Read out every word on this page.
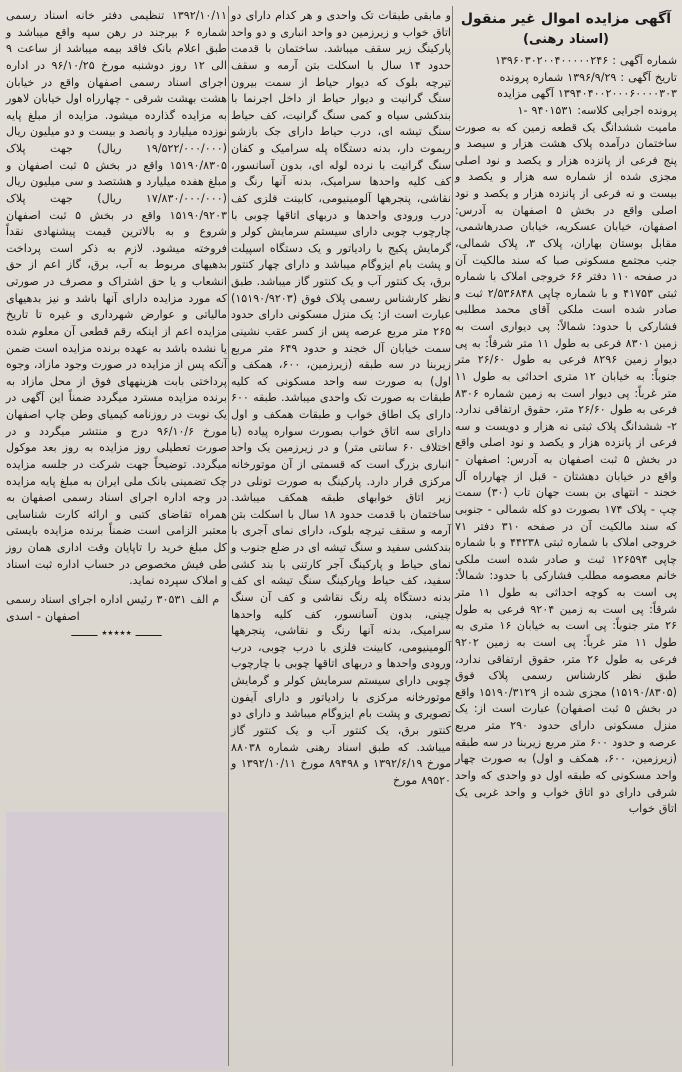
آگهی مزایده اموال غیر منقول
(اسناد رهنی)
شماره آگهی : ۱۳۹۶۰۳۰۲۰۰۴۰۰۰۰۰۲۴۶
تاریخ آگهی : ۱۳۹۶/۹/۲۹ شماره پرونده
۱۳۹۴۰۴۰۰۲۰۰۰۶۰۰۰۰۳۰۳ آگهی مزایده
پرونده اجرایی کلاسه: ۹۴۰۱۵۳۱ -۱

مامیت ششدانگ یک قطعه زمین که به صورت ساختمان درآمده پلاک هشت هزار و سیصد و پنج فرعی از پانزده هزار و یکصد و نود اصلی مجزی شده از شماره سه هزار و یکصد و بیست و نه فرعی از پانزده هزار و یکصد و نود اصلی واقع در بخش ۵ اصفهان به آدرس: اصفهان، خیابان عسکریه، خیابان صدرهاشمی، مقابل بوستان بهاران، پلاک ۳، پلاک شمالی، جنب مجتمع مسکونی صبا که سند مالکیت آن در صفحه ۱۱۰ دفتر ۶۶ خروجی املاک با شماره ثبتی ۴۱۷۵۳ و با شماره چاپی ۲/۵۳۶۸۴۸ ثبت و صادر شده است ملکی آقای محمد مطلبی فشارکی با حدود: شمالاً: پی دیواری است به زمین ۸۳۰۱ فرعی به طول ۱۱ متر شرقاً: به پی دیوار زمین ۸۲۹۶ فرعی به طول ۲۶/۶۰ متر جنوباً: به خیابان ۱۲ متری احداثی به طول ۱۱ متر غرباً: پی دیوار است به زمین شماره ۸۳۰۶ فرعی به طول ۲۶/۶۰ متر، حقوق ارتفاقی ندارد. ۲- ششدانگ پلاک ثبتی نه هزار و دویست و سه فرعی از پانزده هزار و یکصد و نود اصلی واقع در بخش ۵ ثبت اصفهان به آدرس: اصفهان - واقع در خیابان دهشتان - قبل از چهارراه آل خجند - انتهای بن بست جهان تاب (۳۰) سمت چپ - پلاک ۱۷۴ بصورت دو کله شمالی - جنوبی که سند مالکیت آن در صفحه ۳۱۰ دفتر ۷۱ خروجی املاک با شماره ثبتی ۴۴۲۳۸ و با شماره چاپی ۱۲۶۵۹۴ ثبت و صادر شده است ملکی خانم معصومه مطلب فشارکی با حدود: شمالاً: پی است به کوچه احداثی به طول ۱۱ متر شرقاً: پی است به زمین ۹۲۰۴ فرعی به طول ۲۶ متر جنوباً: پی است به خیابان ۱۶ متری به طول ۱۱ متر غرباً: پی است به زمین ۹۲۰۲ فرعی به طول ۲۶ متر، حقوق ارتفاقی ندارد، طبق نظر کارشناس رسمی پلاک فوق (۱۵۱۹۰/۸۳۰۵) مجزی شده از ۱۵۱۹۰/۳۱۲۹ واقع در بخش ۵ ثبت اصفهان) عبارت است از: یک منزل مسکونی دارای حدود ۲۹۰ متر مربع عرصه و حدود ۶۰۰ متر مربع زیربنا در سه طبقه (زیرزمین، ۶۰۰، همکف و اول) به صورت چهار واحد مسکونی که طبقه اول دو واحدی که واحد شرقی دارای دو اتاق خواب و واحد غربی یک اتاق خواب

و مابقی طبقات تک واحدی و هر کدام دارای دو اتاق خواب و زیرزمین دو واحد انباری و دو واحد پارکینگ زیر سقف میباشد. ساختمان با قدمت حدود ۱۴ سال با اسکلت بتن آرمه و سقف تیرچه بلوک که دیوار حیاط از سمت بیرون سنگ گرانیت و دیوار حیاط از داخل اجرنما با بندکشی سیاه و کمی سنگ گرانیت، کف حیاط سنگ تیشه ای، درب حیاط دارای جک بازشو ریموت دار، بدنه دستگاه پله سرامیک و کفان سنگ گرانیت با نرده لوله ای، بدون آسانسور، کف کلیه واحدها سرامیک، بدنه آنها رنگ و نقاشی، پنجرهها آلومینیومی، کابینت فلزی کف درب ورودی واحدها و دربهای اتاقها چوبی با چارچوب چوبی دارای سیستم سرمایش کولر و گرمایش پکیج با رادیاتور و یک دستگاه اسپیلت و پشت بام ایزوگام میباشد و دارای چهار کنتور برق، یک کنتور آب و یک کنتور گاز میباشد. طبق نظر کارشناس رسمی پلاک فوق (۱۵۱۹۰/۹۲۰۳) عبارت است از: یک منزل مسکونی دارای حدود ۲۶۵ متر مربع عرصه پس از کسر عقب نشینی سمت خیابان آل خجند و حدود ۶۴۹ متر مربع زیربنا در سه طبقه (زیرزمین، ۶۰۰، همکف و اول) به صورت سه واحد مسکونی که کلیه طبقات به صورت تک واحدی میباشد. طبقه ۶۰۰ دارای یک اطاق خواب و طبقات همکف و اول دارای سه اتاق خواب بصورت سواره پیاده (با اختلاف ۶۰ سانتی متر) و در زیرزمین یک واحد انباری بزرگ است که قسمتی از آن موتورخانه مرکزی قرار دارد. پارکینگ به صورت تونلی در زیر اتاق خوابهای طبقه همکف میباشد. ساختمان با قدمت حدود ۱۸ سال با اسکلت بتن آرمه و سقف تیرچه بلوک، دارای نمای آجری با بندکشی سفید و سنگ تیشه ای در ضلع جنوب و نمای حیاط و پارکینگ آجر کارتنی با بند کشی سفید، کف حیاط وپارکینگ سنگ تیشه ای کف بدنه دستگاه پله رنگ نقاشی و کف آن سنگ چینی، بدون آسانسور، کف کلیه واحدها سرامیک، بدنه آنها رنگ و نقاشی، پنجرهها آلومینیومی، کابینت فلزی با درب چوبی، درب ورودی واحدها و دربهای اتاقها چوبی با چارچوب چوبی دارای سیستم سرمایش کولر و گرمایش موتورخانه مرکزی با رادیاتور و دارای آیفون تصویری و پشت بام ایزوگام میباشد و دارای دو کنتور برق، یک کنتور آب و یک کنتور گاز میباشد. که طبق اسناد رهنی شماره ۸۸۰۳۸ مورخ ۱۳۹۲/۶/۱۹ و ۸۹۴۹۸ مورخ ۱۳۹۲/۱۰/۱۱ و ۸۹۵۲۰ مورخ

۱۳۹۲/۱۰/۱۱ تنظیمی دفتر خانه اسناد رسمی شماره ۶ بیرجند در رهن سپه واقع میباشد و طبق اعلام بانک فاقد بیمه میباشد از ساعت ۹ الی ۱۲ روز دوشنبه مورخ ۹۶/۱۰/۲۵ در اداره اجرای اسناد رسمی اصفهان واقع در خیابان هشت بهشت شرقی - چهارراه اول خیابان لاهور به مزایده گذارده میشود. مزایده از مبلغ پایه نوزده میلیارد و پانصد و بیست و دو میلیون ریال (۱۹/۵۲۲/۰۰۰/۰۰۰ ریال) جهت پلاک ۱۵۱۹۰/۸۳۰۵ واقع در بخش ۵ ثبت اصفهان و مبلغ هفده میلیارد و هشتصد و سی میلیون ریال (۱۷/۸۳۰/۰۰۰/۰۰۰ ریال) جهت پلاک ۱۵۱۹۰/۹۲۰۳ واقع در بخش ۵ ثبت اصفهان شروع و به بالاترین قیمت پیشنهادی نقداً فروخته میشود. لازم به ذکر است پرداخت بدهیهای مربوط به آب، برق، گاز اعم از حق انشعاب و یا حق اشتراک و مصرف در صورتی که مورد مزایده دارای آنها باشد و نیز بدهیهای مالیاتی و عوارض شهرداری و غیره تا تاریخ مزایده اعم از اینکه رقم قطعی آن معلوم شده یا نشده باشد به عهده برنده مزایده است ضمن آنکه پس از مزایده در صورت وجود مازاد، وجوه پرداختی بابت هزینههای فوق از محل مازاد به برنده مزایده مسترد میگردد ضمناً این آگهی در یک نوبت در روزنامه کیمیای وطن چاپ اصفهان مورخ ۹۶/۱۰/۶ درج و منتشر میگردد و در صورت تعطیلی روز مزایده به روز بعد موکول میگردد. توضیحاً جهت شرکت در جلسه مزایده چک تضمینی بانک ملی ایران به مبلغ پایه مزایده در وجه اداره اجرای اسناد رسمی اصفهان به همراه تقاضای کتبی و ارائه کارت شناسایی معتبر الزامی است ضمناً برنده مزایده بایستی کل مبلغ خرید را تاپایان وقت اداری همان روز طی فیش مخصوص در حساب اداره ثبت اسناد و املاک سپرده نماید.

م الف ۳۰۵۳۱ رئیس اداره اجرای اسناد رسمی اصفهان - اسدی
ــــــــ ٭٭٭٭٭ ــــــــ
